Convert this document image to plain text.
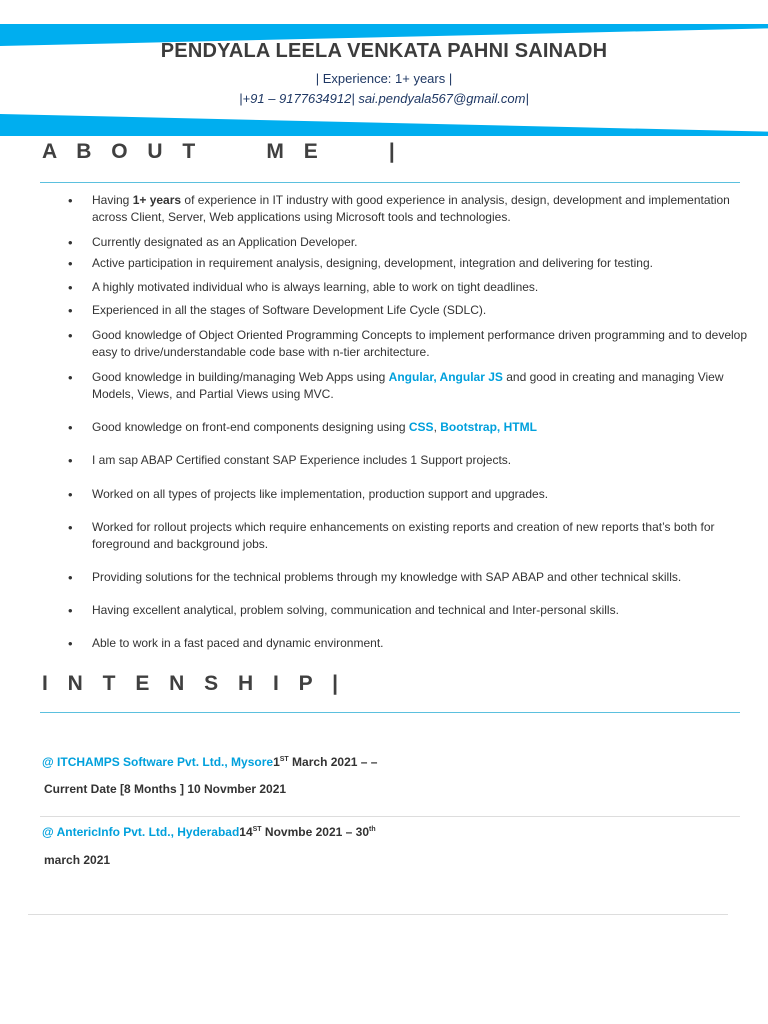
PENDYALA LEELA VENKATA PAHNI SAINADH
| Experience: 1+ years |
|+91 – 9177634912| sai.pendyala567@gmail.com|
A B O U T     M E     |
• Having 1+ years of experience in IT industry with good experience in analysis, design, development and implementation across Client, Server, Web applications using Microsoft tools and technologies.
• Currently designated as an Application Developer.
• Active participation in requirement analysis, designing, development, integration and delivering for testing.
• A highly motivated individual who is always learning, able to work on tight deadlines.
• Experienced in all the stages of Software Development Life Cycle (SDLC).
• Good knowledge of Object Oriented Programming Concepts to implement performance driven programming and to develop easy to drive/understandable code base with n-tier architecture.
• Good knowledge in building/managing Web Apps using Angular, Angular JS and good in creating and managing View Models, Views, and Partial Views using MVC.
• Good knowledge on front-end components designing using CSS, Bootstrap, HTML
• I am sap ABAP Certified constant SAP Experience includes 1 Support projects.
• Worked on all types of projects like implementation, production support and upgrades.
• Worked for rollout projects which require enhancements on existing reports and creation of new reports that’s both for foreground and background jobs.
• Providing solutions for the technical problems through my knowledge with SAP ABAP and other technical skills.
• Having excellent analytical, problem solving, communication and technical and Inter-personal skills.
• Able to work in a fast paced and dynamic environment.
I N T E N S H I P |
@ ITCHAMPS Software Pvt. Ltd., Mysore1ST March 2021 – –
Current Date [8 Months ] 10 Novmber 2021
@ AntericInfo Pvt. Ltd., Hyderabad14ST Novmbe 2021 – 30th
march 2021
